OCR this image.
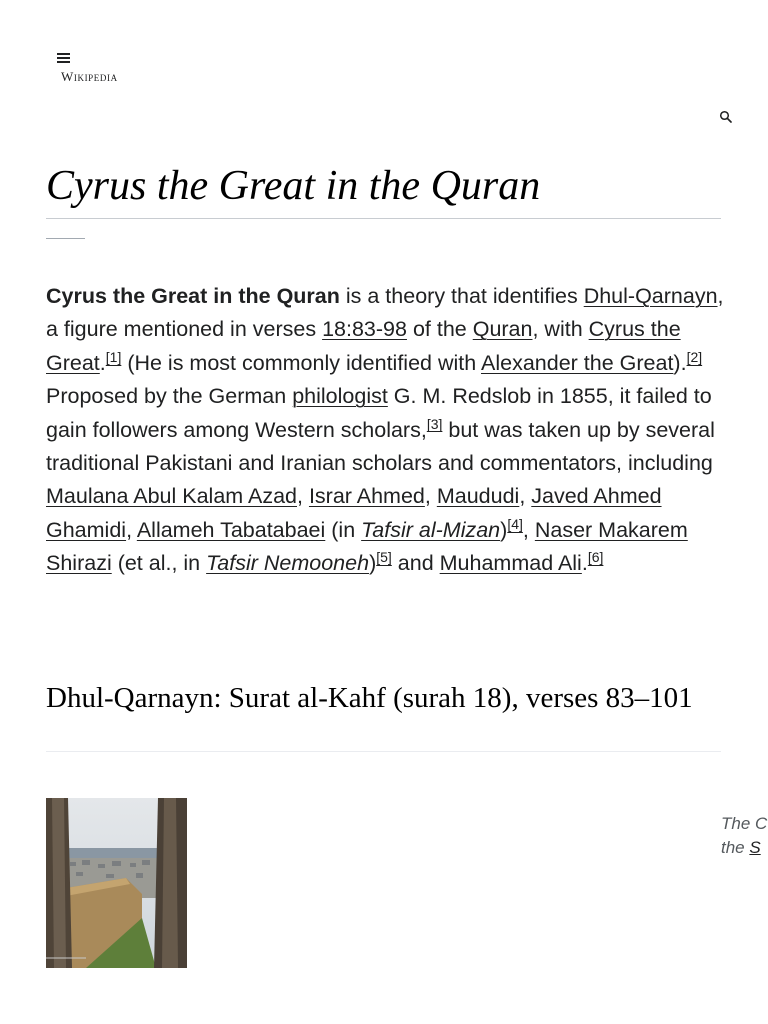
Wikipedia
Cyrus the Great in the Quran

Cyrus the Great in the Quran is a theory that identifies Dhul-Qarnayn, a figure mentioned in verses 18:83-98 of the Quran, with Cyrus the Great.[1] (He is most commonly identified with Alexander the Great).[2] Proposed by the German philologist G. M. Redslob in 1855, it failed to gain followers among Western scholars,[3] but was taken up by several traditional Pakistani and Iranian scholars and commentators, including Maulana Abul Kalam Azad, Israr Ahmed, Maududi, Javed Ahmed Ghamidi, Allameh Tabatabaei (in Tafsir al-Mizan)[4], Naser Makarem Shirazi (et al., in Tafsir Nemooneh)[5] and Muhammad Ali.[6]

Dhul-Qarnayn: Surat al-Kahf (surah 18), verses 83–101
The C
the S
